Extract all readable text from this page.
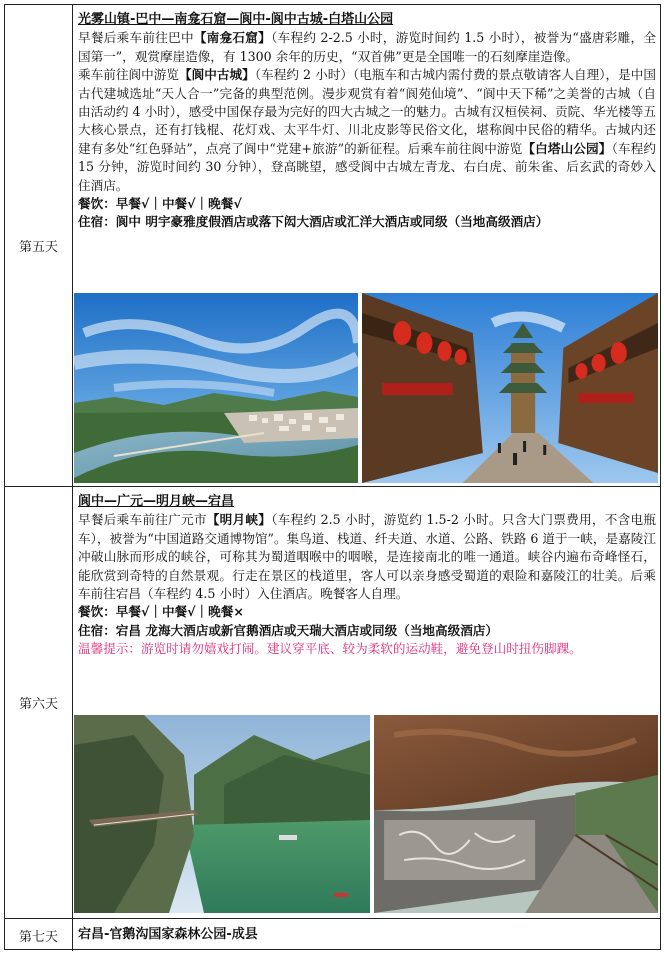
第五天
光雾山镇-巴中—南龛石窟—阆中-阆中古城-白塔山公园

早餐后乘车前往巴中【南龛石窟】（车程约 2-2.5 小时，游览时间约 1.5 小时），被誉为“盛唐彩雕，全国第一”，观赏摩崖造像，有 1300 余年的历史，“双首佛”更是全国唯一的石刻摩崖造像。

乘车前往阆中游览【阆中古城】（车程约 2 小时）（电瓶车和古城内需付费的景点敬请客人自理），是中国古代建城选址“天人合一”完备的典型范例。漫步观赏有着“阆苑仙境”、“阆中天下稀”之美誉的古城（自由活动约 4 小时），感受中国保存最为完好的四大古城之一的魅力。古城有汉桓侯祠、贡院、华光楼等五大核心景点，还有打钱棍、花灯戏、太平牛灯、川北皮影等民俗文化，堪称阆中民俗的精华。古城内还建有多处“红色驿站”，点亮了阆中“党建+旅游”的新征程。后乘车前往阆中游览【白塔山公园】（车程约 15 分钟，游览时间约 30 分钟），登高眺望，感受阆中古城左青龙、右白虎、前朱雀、后玄武的奇妙入住酒店。

餐饮：早餐√｜中餐√｜晚餐√
住宿：阆中 明宇豪雅度假酒店或落下闳大酒店或汇洋大酒店或同级（当地高级酒店）
第六天
阆中—广元—明月峡—宕昌

早餐后乘车前往广元市【明月峡】（车程约 2.5 小时，游览约 1.5-2 小时。只含大门票费用，不含电瓶车），被誉为“中国道路交通博物馆”。集鸟道、栈道、纤夫道、水道、公路、铁路 6 道于一峡，是嘉陵江冲破山脉而形成的峡谷，可称其为蜀道咽喉中的咽喉，是连接南北的唯一通道。峡谷内遍布奇峰怪石，能欣赏到奇特的自然景观。行走在景区的栈道里，客人可以亲身感受蜀道的艰险和嘉陵江的壮美。后乘车前往宕昌（车程约 4.5 小时）入住酒店。晚餐客人自理。

餐饮：早餐√｜中餐√｜晚餐×
住宿：宕昌 龙海大酒店或新官鹅酒店或天瑞大酒店或同级（当地高级酒店）
温馨提示：游览时请勿嬉戏打闹。建议穿平底、较为柔软的运动鞋，避免登山时扭伤脚踝。
第七天 宕昌-官鹅沟国家森林公园-成县
